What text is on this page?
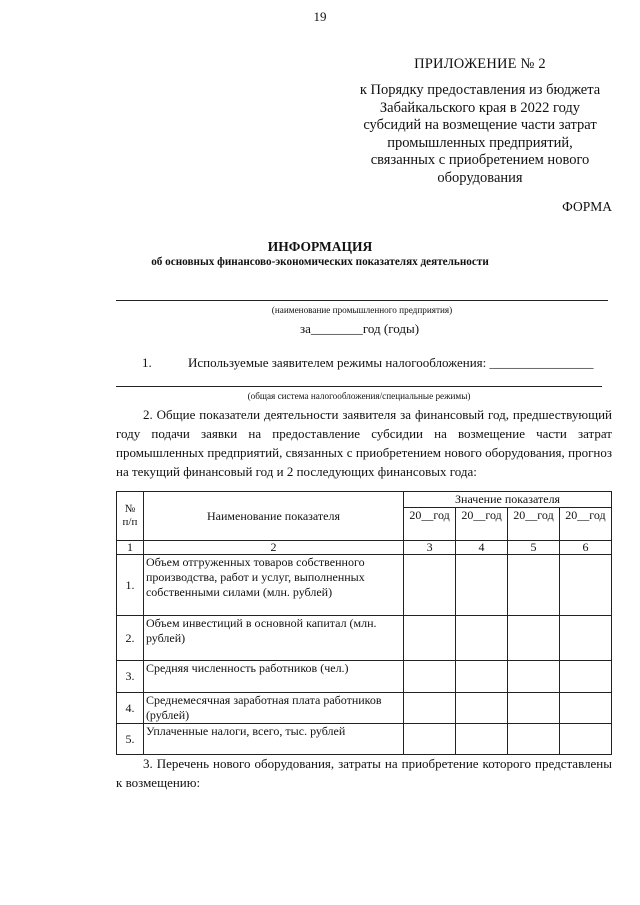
19
ПРИЛОЖЕНИЕ № 2
к Порядку предоставления из бюджета
Забайкальского края в 2022 году
субсидий на возмещение части затрат
промышленных предприятий,
связанных с приобретением нового
оборудования
ФОРМА
ИНФОРМАЦИЯ
об основных финансово-экономических показателях деятельности
(наименование промышленного предприятия)
за________год (годы)
1.	Используемые заявителем режимы налогообложения: ________________
(общая система налогообложения/специальные режимы)
2. Общие показатели деятельности заявителя за финансовый год, предшествующий году подачи заявки на предоставление субсидии на возмещение части затрат промышленных предприятий, связанных с приобретением нового оборудования, прогноз на текущий финансовый год и 2 последующих финансовых года:
№ п/п	Наименование показателя	Значение показателя			
		20__год	20__год	20__год	20__год
1	2	3	4	5	6
1.	Объем отгруженных товаров собственного производства, работ и услуг, выполненных собственными силами (млн. рублей)				
2.	Объем инвестиций в основной капитал (млн. рублей)				
3.	Средняя численность работников (чел.)				
4.	Среднемесячная заработная плата работников (рублей)				
5.	Уплаченные налоги, всего, тыс. рублей				
3. Перечень нового оборудования, затраты на приобретение которого представлены к возмещению:
